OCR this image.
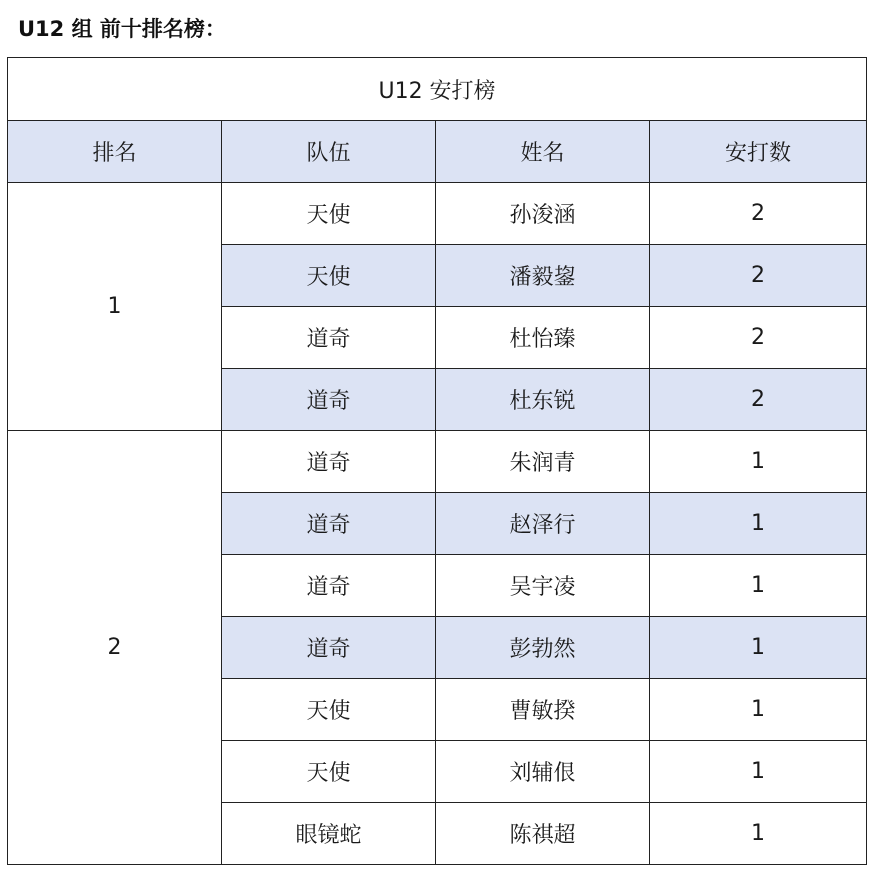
U12 组 前十排名榜：
U12 安打榜			
排名	队伍	姓名	安打数
1	天使	孙浚涵	2
	天使	潘毅鋆	2
	道奇	杜怡臻	2
	道奇	杜东锐	2
2	道奇	朱润青	1
	道奇	赵泽行	1
	道奇	吴宇凌	1
	道奇	彭勃然	1
	天使	曹敏揆	1
	天使	刘辅佷	1
	眼镜蛇	陈祺超	1
